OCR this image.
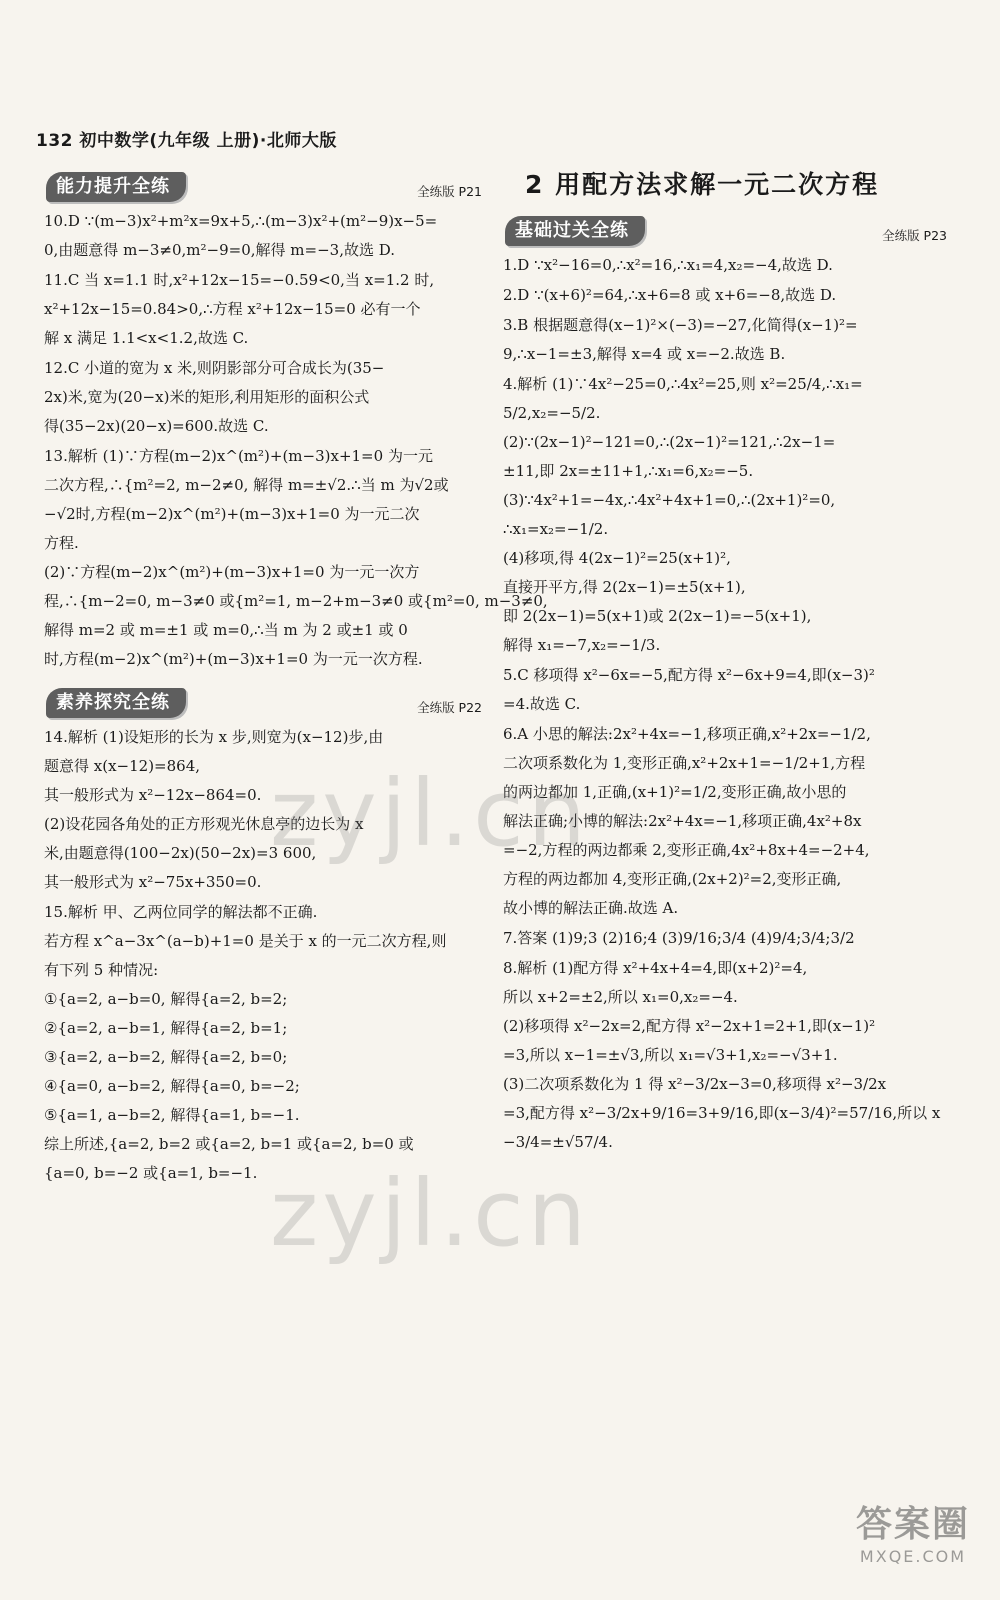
132 初中数学(九年级 上册)·北师大版
能力提升全练	全练版 P21
10.D ∵(m−3)x²+m²x=9x+5,∴(m−3)x²+(m²−9)x−5=
0,由题意得 m−3≠0,m²−9=0,解得 m=−3,故选 D.
11.C 当 x=1.1 时,x²+12x−15=−0.59<0,当 x=1.2 时,
x²+12x−15=0.84>0,∴方程 x²+12x−15=0 必有一个
解 x 满足 1.1<x<1.2,故选 C.
12.C 小道的宽为 x 米,则阴影部分可合成长为(35−
2x)米,宽为(20−x)米的矩形,利用矩形的面积公式
得(35−2x)(20−x)=600.故选 C.
13.解析 (1)∵方程(m−2)x^(m²)+(m−3)x+1=0 为一元
二次方程,∴{m²=2, m−2≠0, 解得 m=±√2.∴当 m 为√2或
−√2时,方程(m−2)x^(m²)+(m−3)x+1=0 为一元二次
方程.
(2)∵方程(m−2)x^(m²)+(m−3)x+1=0 为一元一次方
程,∴{m−2=0, m−3≠0 或{m²=1, m−2+m−3≠0 或{m²=0, m−3≠0,
解得 m=2 或 m=±1 或 m=0,∴当 m 为 2 或±1 或 0
时,方程(m−2)x^(m²)+(m−3)x+1=0 为一元一次方程.
素养探究全练	全练版 P22
14.解析 (1)设矩形的长为 x 步,则宽为(x−12)步,由
题意得 x(x−12)=864,
其一般形式为 x²−12x−864=0.
(2)设花园各角处的正方形观光休息亭的边长为 x
米,由题意得(100−2x)(50−2x)=3 600,
其一般形式为 x²−75x+350=0.
15.解析 甲、乙两位同学的解法都不正确.
若方程 x^a−3x^(a−b)+1=0 是关于 x 的一元二次方程,则
有下列 5 种情况:
①{a=2, a−b=0, 解得{a=2, b=2;
②{a=2, a−b=1, 解得{a=2, b=1;
③{a=2, a−b=2, 解得{a=2, b=0;
④{a=0, a−b=2, 解得{a=0, b=−2;
⑤{a=1, a−b=2, 解得{a=1, b=−1.
综上所述,{a=2, b=2 或{a=2, b=1 或{a=2, b=0 或
{a=0, b=−2 或{a=1, b=−1.
2 用配方法求解一元二次方程
基础过关全练	全练版 P23
1.D ∵x²−16=0,∴x²=16,∴x₁=4,x₂=−4,故选 D.
2.D ∵(x+6)²=64,∴x+6=8 或 x+6=−8,故选 D.
3.B 根据题意得(x−1)²×(−3)=−27,化简得(x−1)²=
9,∴x−1=±3,解得 x=4 或 x=−2.故选 B.
4.解析 (1)∵4x²−25=0,∴4x²=25,则 x²=25/4,∴x₁=
5/2,x₂=−5/2.
(2)∵(2x−1)²−121=0,∴(2x−1)²=121,∴2x−1=
±11,即 2x=±11+1,∴x₁=6,x₂=−5.
(3)∵4x²+1=−4x,∴4x²+4x+1=0,∴(2x+1)²=0,
∴x₁=x₂=−1/2.
(4)移项,得 4(2x−1)²=25(x+1)²,
直接开平方,得 2(2x−1)=±5(x+1),
即 2(2x−1)=5(x+1)或 2(2x−1)=−5(x+1),
解得 x₁=−7,x₂=−1/3.
5.C 移项得 x²−6x=−5,配方得 x²−6x+9=4,即(x−3)²
=4.故选 C.
6.A 小思的解法:2x²+4x=−1,移项正确,x²+2x=−1/2,
二次项系数化为 1,变形正确,x²+2x+1=−1/2+1,方程
的两边都加 1,正确,(x+1)²=1/2,变形正确,故小思的
解法正确;小博的解法:2x²+4x=−1,移项正确,4x²+8x
=−2,方程的两边都乘 2,变形正确,4x²+8x+4=−2+4,
方程的两边都加 4,变形正确,(2x+2)²=2,变形正确,
故小博的解法正确.故选 A.
7.答案 (1)9;3 (2)16;4 (3)9/16;3/4 (4)9/4;3/4;3/2
8.解析 (1)配方得 x²+4x+4=4,即(x+2)²=4,
所以 x+2=±2,所以 x₁=0,x₂=−4.
(2)移项得 x²−2x=2,配方得 x²−2x+1=2+1,即(x−1)²
=3,所以 x−1=±√3,所以 x₁=√3+1,x₂=−√3+1.
(3)二次项系数化为 1 得 x²−3/2x−3=0,移项得 x²−3/2x
=3,配方得 x²−3/2x+9/16=3+9/16,即(x−3/4)²=57/16,所以 x
−3/4=±√57/4.
zyjl.cn
zyjl.cn
答案圈
MXQE.COM
